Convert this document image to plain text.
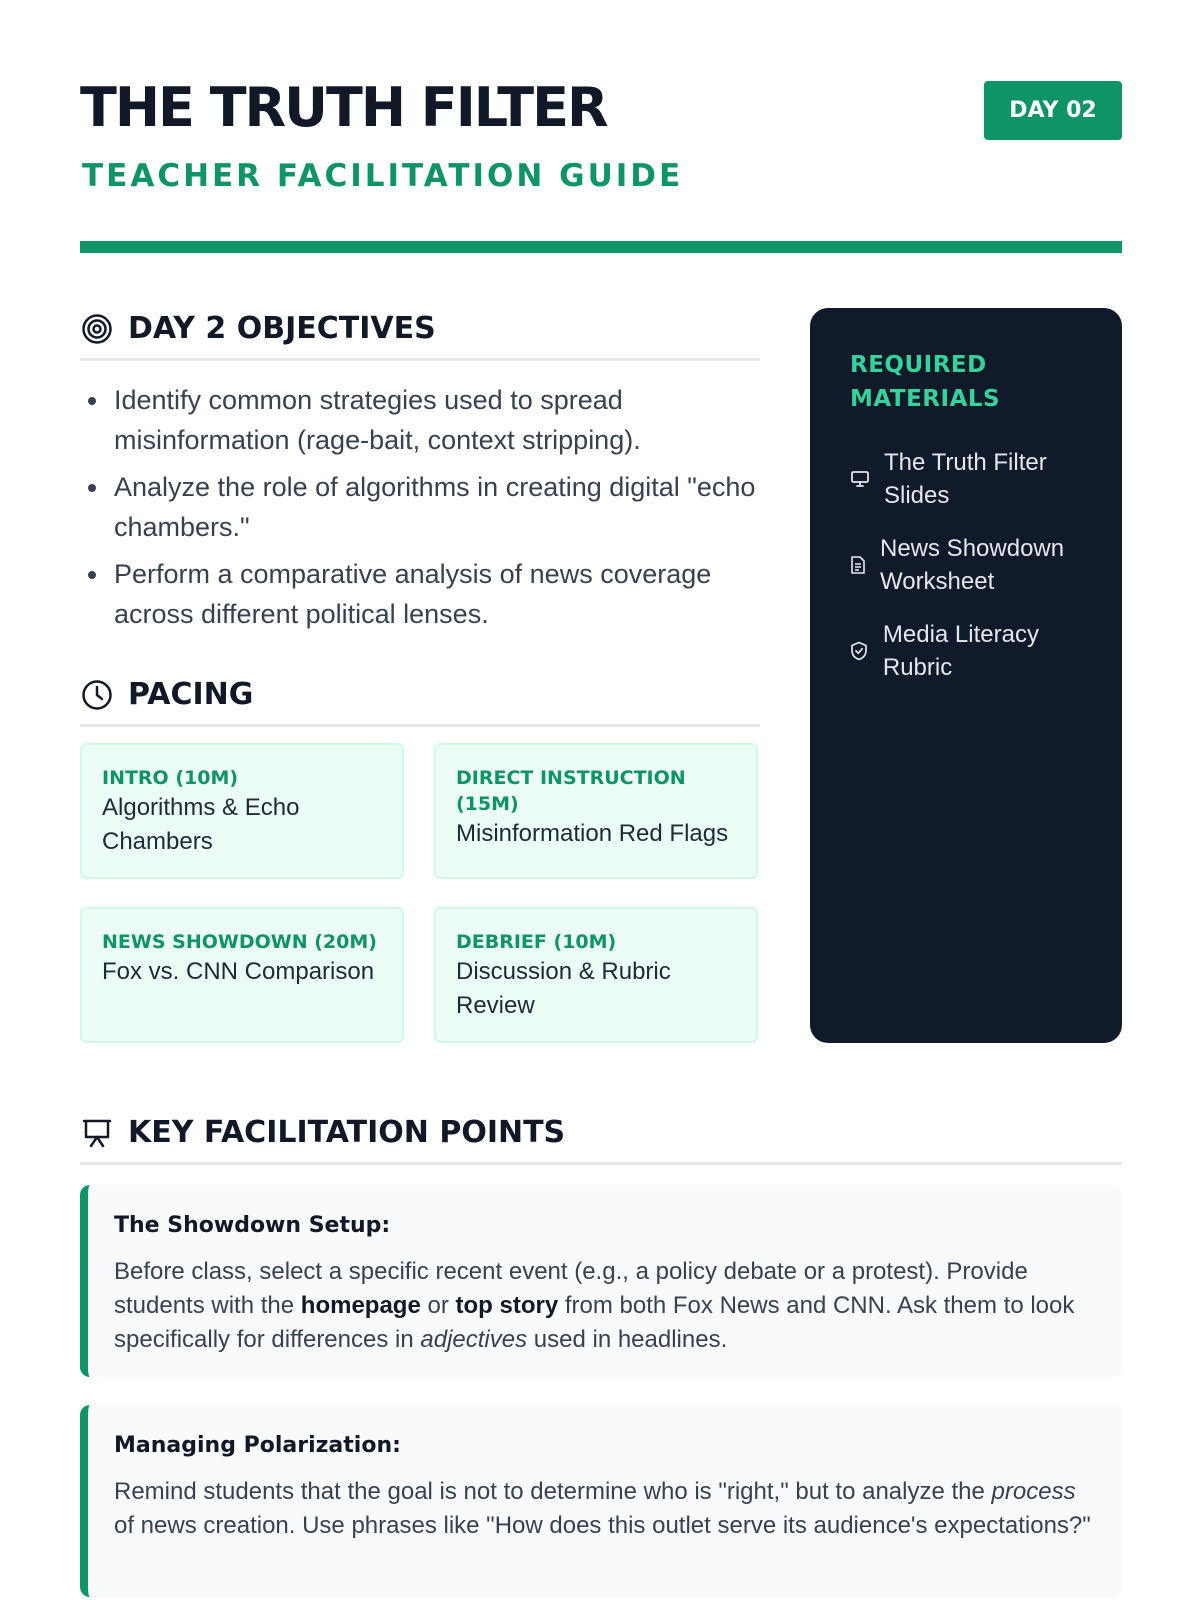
THE TRUTH FILTER
TEACHER FACILITATION GUIDE
DAY 02
DAY 2 OBJECTIVES
Identify common strategies used to spread misinformation (rage-bait, context stripping).
Analyze the role of algorithms in creating digital "echo chambers."
Perform a comparative analysis of news coverage across different political lenses.
PACING
INTRO (10M)
Algorithms & Echo Chambers
DIRECT INSTRUCTION (15M)
Misinformation Red Flags
NEWS SHOWDOWN (20M)
Fox vs. CNN Comparison
DEBRIEF (10M)
Discussion & Rubric Review
REQUIRED MATERIALS
The Truth Filter Slides
News Showdown Worksheet
Media Literacy Rubric
KEY FACILITATION POINTS
The Showdown Setup:
Before class, select a specific recent event (e.g., a policy debate or a protest). Provide students with the homepage or top story from both Fox News and CNN. Ask them to look specifically for differences in adjectives used in headlines.
Managing Polarization:
Remind students that the goal is not to determine who is "right," but to analyze the process of news creation. Use phrases like "How does this outlet serve its audience's expectations?"
